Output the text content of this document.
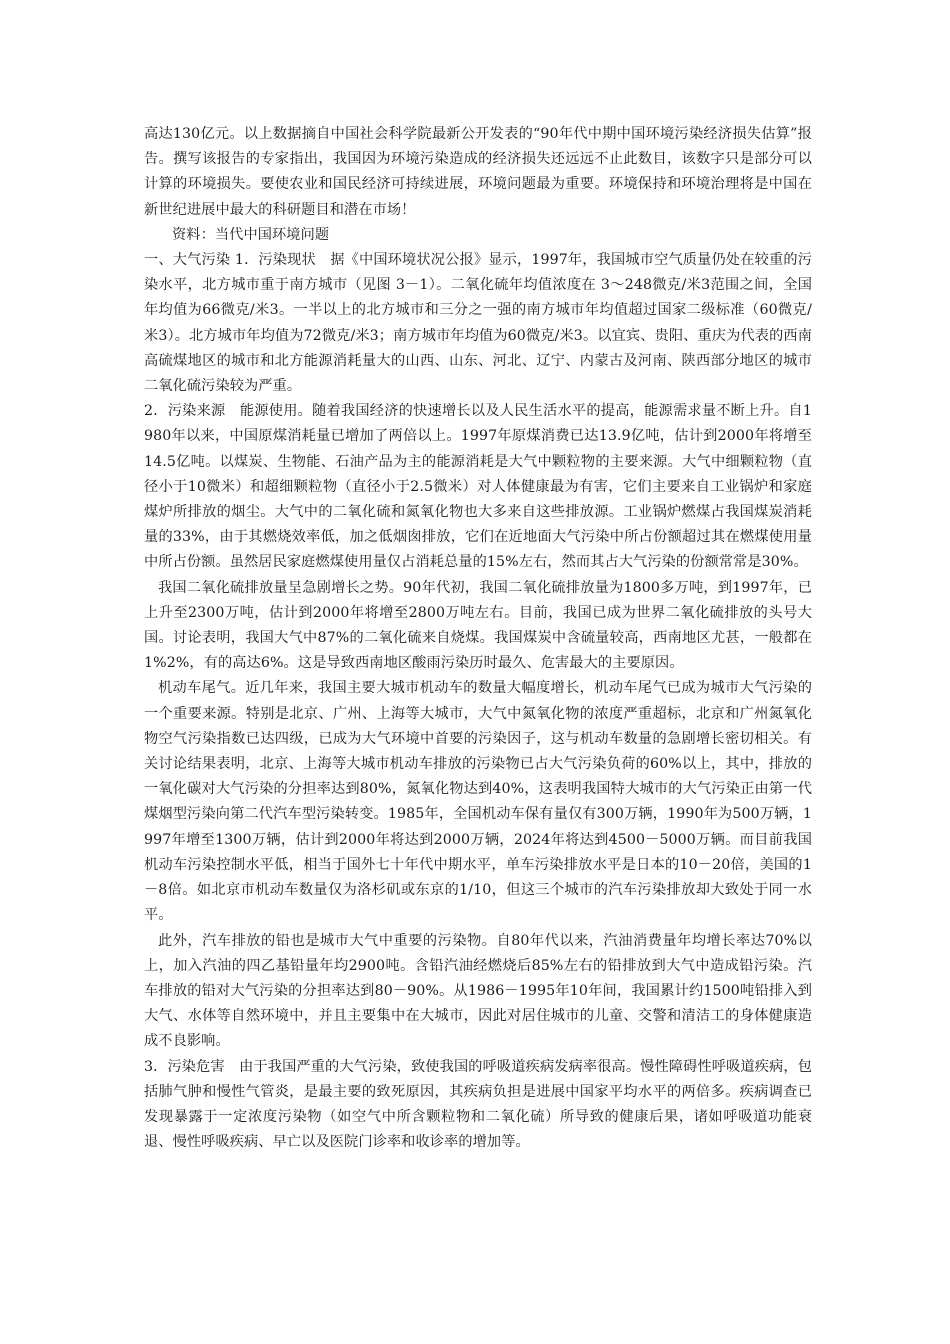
高达130亿元。以上数据摘自中国社会科学院最新公开发表的“90年代中期中国环境污染经济损失估算”报告。撰写该报告的专家指出，我国因为环境污染造成的经济损失还远远不止此数目，该数字只是部分可以计算的环境损失。要使农业和国民经济可持续进展，环境问题最为重要。环境保持和环境治理将是中国在新世纪进展中最大的科研题目和潜在市场！

资料：当代中国环境问题

一、大气污染 1．污染现状　据《中国环境状况公报》显示，1997年，我国城市空气质量仍处在较重的污染水平，北方城市重于南方城市（见图 3－1）。二氧化硫年均值浓度在 3～248微克/米3范围之间，全国年均值为66微克/米3。一半以上的北方城市和三分之一强的南方城市年均值超过国家二级标准（60微克/米3）。北方城市年均值为72微克/米3；南方城市年均值为60微克/米3。以宜宾、贵阳、重庆为代表的西南高硫煤地区的城市和北方能源消耗量大的山西、山东、河北、辽宁、内蒙古及河南、陕西部分地区的城市二氧化硫污染较为严重。

2．污染来源　能源使用。随着我国经济的快速增长以及人民生活水平的提高，能源需求量不断上升。自1980年以来，中国原煤消耗量已增加了两倍以上。1997年原煤消费已达13.9亿吨，估计到2000年将增至14.5亿吨。以煤炭、生物能、石油产品为主的能源消耗是大气中颗粒物的主要来源。大气中细颗粒物（直径小于10微米）和超细颗粒物（直径小于2.5微米）对人体健康最为有害，它们主要来自工业锅炉和家庭煤炉所排放的烟尘。大气中的二氧化硫和氮氧化物也大多来自这些排放源。工业锅炉燃煤占我国煤炭消耗量的33%，由于其燃烧效率低，加之低烟囱排放，它们在近地面大气污染中所占份额超过其在燃煤使用量中所占份额。虽然居民家庭燃煤使用量仅占消耗总量的15%左右，然而其占大气污染的份额常常是30%。

我国二氧化硫排放量呈急剧增长之势。90年代初，我国二氧化硫排放量为1800多万吨，到1997年，已上升至2300万吨，估计到2000年将增至2800万吨左右。目前，我国已成为世界二氧化硫排放的头号大国。讨论表明，我国大气中87%的二氧化硫来自烧煤。我国煤炭中含硫量较高，西南地区尤甚，一般都在1%2%，有的高达6%。这是导致西南地区酸雨污染历时最久、危害最大的主要原因。

机动车尾气。近几年来，我国主要大城市机动车的数量大幅度增长，机动车尾气已成为城市大气污染的一个重要来源。特别是北京、广州、上海等大城市，大气中氮氧化物的浓度严重超标，北京和广州氮氧化物空气污染指数已达四级，已成为大气环境中首要的污染因子，这与机动车数量的急剧增长密切相关。有关讨论结果表明，北京、上海等大城市机动车排放的污染物已占大气污染负荷的60%以上，其中，排放的一氧化碳对大气污染的分担率达到80%，氮氧化物达到40%，这表明我国特大城市的大气污染正由第一代煤烟型污染向第二代汽车型污染转变。1985年，全国机动车保有量仅有300万辆，1990年为500万辆，1997年增至1300万辆，估计到2000年将达到2000万辆，2024年将达到4500－5000万辆。而目前我国机动车污染控制水平低，相当于国外七十年代中期水平，单车污染排放水平是日本的10－20倍，美国的1－8倍。如北京市机动车数量仅为洛杉矶或东京的1/10，但这三个城市的汽车污染排放却大致处于同一水平。

此外，汽车排放的铅也是城市大气中重要的污染物。自80年代以来，汽油消费量年均增长率达70%以上，加入汽油的四乙基铅量年均2900吨。含铅汽油经燃烧后85%左右的铅排放到大气中造成铅污染。汽车排放的铅对大气污染的分担率达到80－90%。从1986－1995年10年间，我国累计约1500吨铅排入到大气、水体等自然环境中，并且主要集中在大城市，因此对居住城市的儿童、交警和清洁工的身体健康造成不良影响。

3．污染危害　由于我国严重的大气污染，致使我国的呼吸道疾病发病率很高。慢性障碍性呼吸道疾病，包括肺气肿和慢性气管炎，是最主要的致死原因，其疾病负担是进展中国家平均水平的两倍多。疾病调查已发现暴露于一定浓度污染物（如空气中所含颗粒物和二氧化硫）所导致的健康后果，诸如呼吸道功能衰退、慢性呼吸疾病、早亡以及医院门诊率和收诊率的增加等。
